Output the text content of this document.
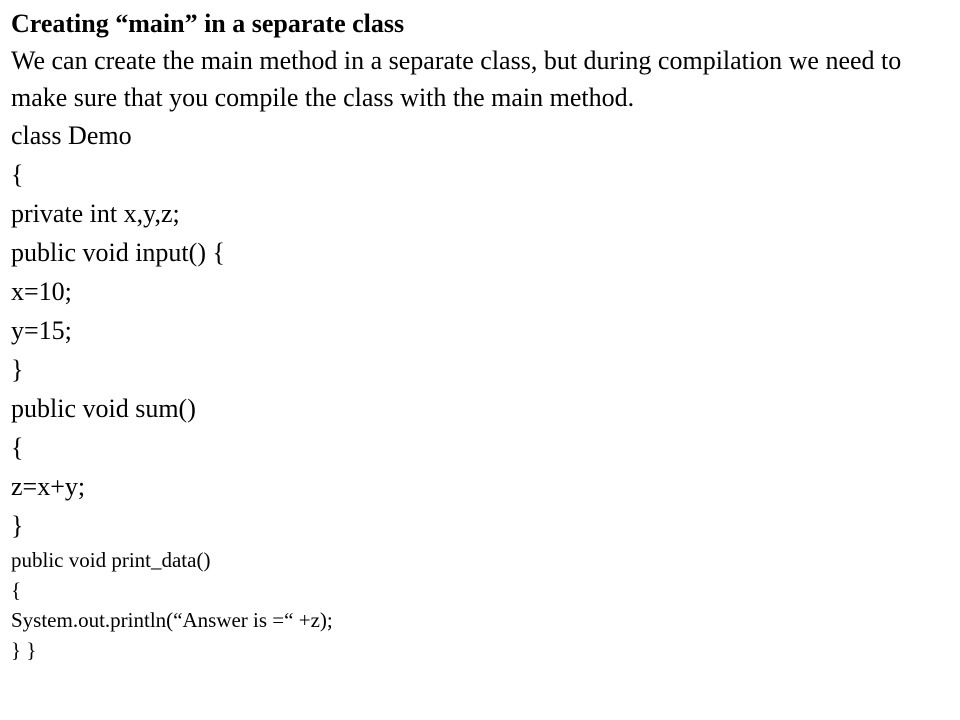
Creating “main” in a separate class

We can create the main method in a separate class, but during compilation we need to make sure that you compile the class with the main method.

class Demo
{
private int x,y,z;
public void input() {
x=10;
y=15;
}
public void sum()
{
z=x+y;
}
public void print_data()
{
System.out.println(“Answer is =“ +z);
} }
